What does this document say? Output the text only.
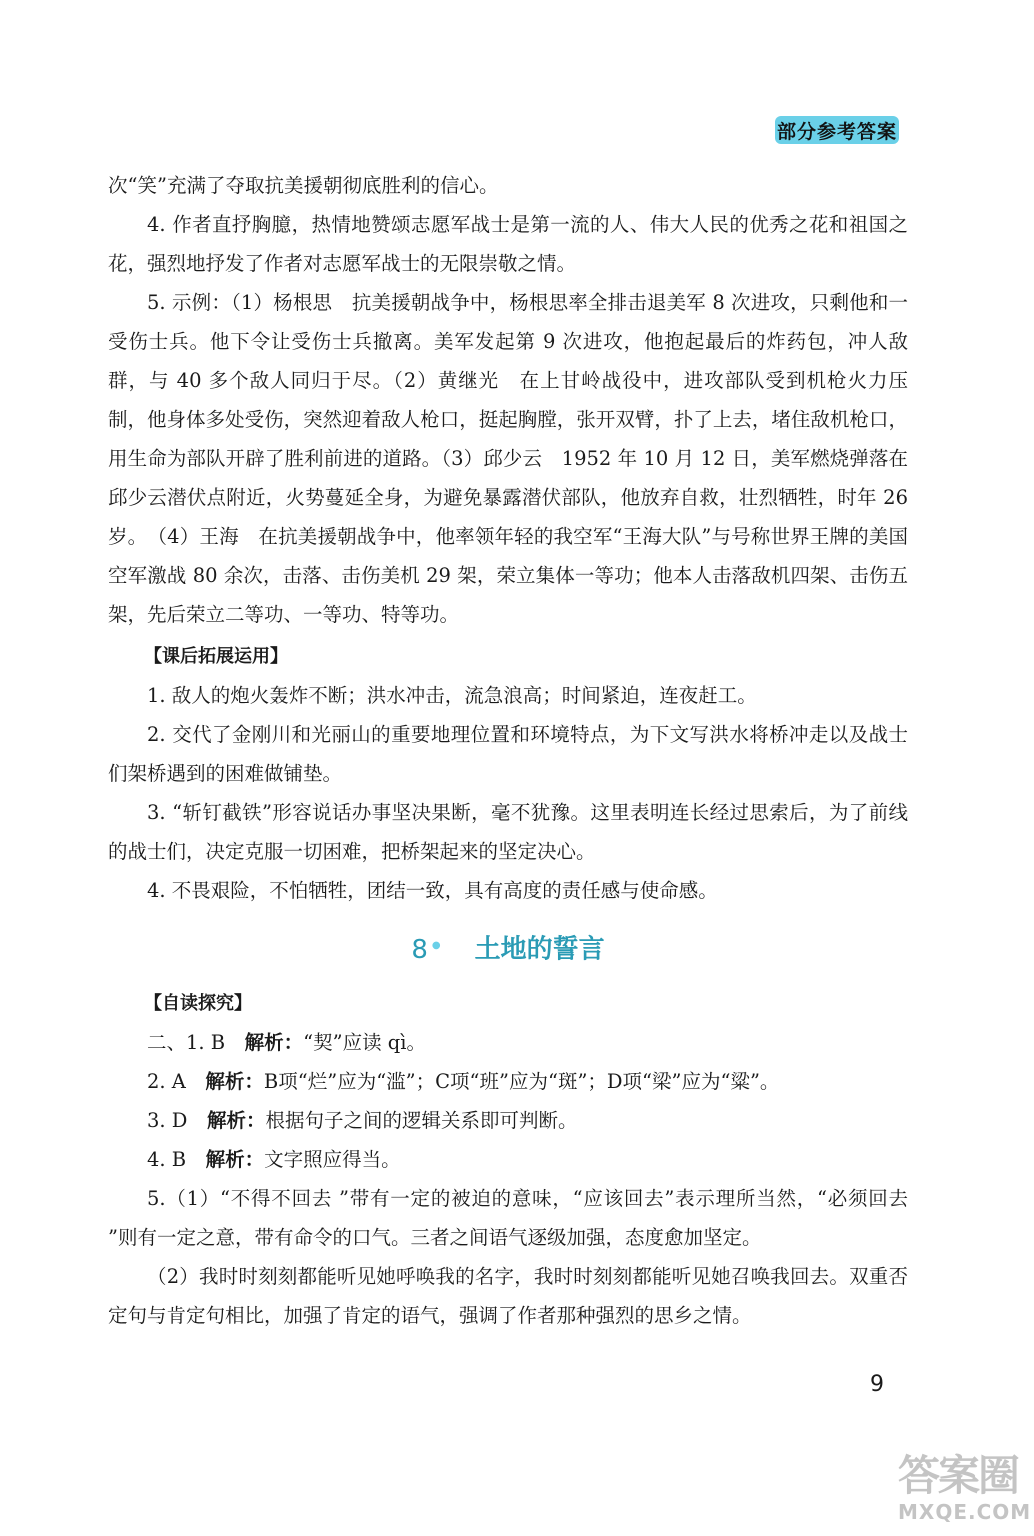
部分参考答案

次“笑”充满了夺取抗美援朝彻底胜利的信心。

4. 作者直抒胸臆，热情地赞颂志愿军战士是第一流的人、伟大人民的优秀之花和祖国之花，强烈地抒发了作者对志愿军战士的无限崇敬之情。

5. 示例：（1）杨根思　抗美援朝战争中，杨根思率全排击退美军 8 次进攻，只剩他和一受伤士兵。他下令让受伤士兵撤离。美军发起第 9 次进攻，他抱起最后的炸药包，冲人敌群，与 40 多个敌人同归于尽。（2）黄继光　在上甘岭战役中，进攻部队受到机枪火力压制，他身体多处受伤，突然迎着敌人枪口，挺起胸膛，张开双臂，扑了上去，堵住敌机枪口，用生命为部队开辟了胜利前进的道路。（3）邱少云　1952 年 10 月 12 日，美军燃烧弹落在邱少云潜伏点附近，火势蔓延全身，为避免暴露潜伏部队，他放弃自救，壮烈牺牲，时年 26 岁。　（4）王海　在抗美援朝战争中，他率领年轻的我空军“王海大队”与号称世界王牌的美国空军激战 80 余次，击落、击伤美机 29 架，荣立集体一等功；他本人击落敌机四架、击伤五架，先后荣立二等功、一等功、特等功。

【课后拓展运用】

1. 敌人的炮火轰炸不断；洪水冲击，流急浪高；时间紧迫，连夜赶工。

2. 交代了金刚川和光丽山的重要地理位置和环境特点，为下文写洪水将桥冲走以及战士们架桥遇到的困难做铺垫。

3. “斩钉截铁”形容说话办事坚决果断，毫不犹豫。这里表明连长经过思索后，为了前线的战士们，决定克服一切困难，把桥架起来的坚定决心。

4. 不畏艰险，不怕牺牲，团结一致，具有高度的责任感与使命感。

8 ● 土地的誓言

【自读探究】

二、1. B　 解析：“契”应读 qì。

2. A　 解析：B项“烂”应为“滥”；C项“班”应为“斑”；D项“梁”应为“粱”。

3. D　 解析：根据句子之间的逻辑关系即可判断。

4. B　 解析：文字照应得当。

5.（1）“不得不回去 ”带有一定的被迫的意味，“应该回去”表示理所当然，“必须回去 ”则有一定之意，带有命令的口气。三者之间语气逐级加强，态度愈加坚定。

（2）我时时刻刻都能听见她呼唤我的名字，我时时刻刻都能听见她召唤我回去。双重否定句与肯定句相比，加强了肯定的语气，强调了作者那种强烈的思乡之情。

9
答案圈
MXQE.COM
